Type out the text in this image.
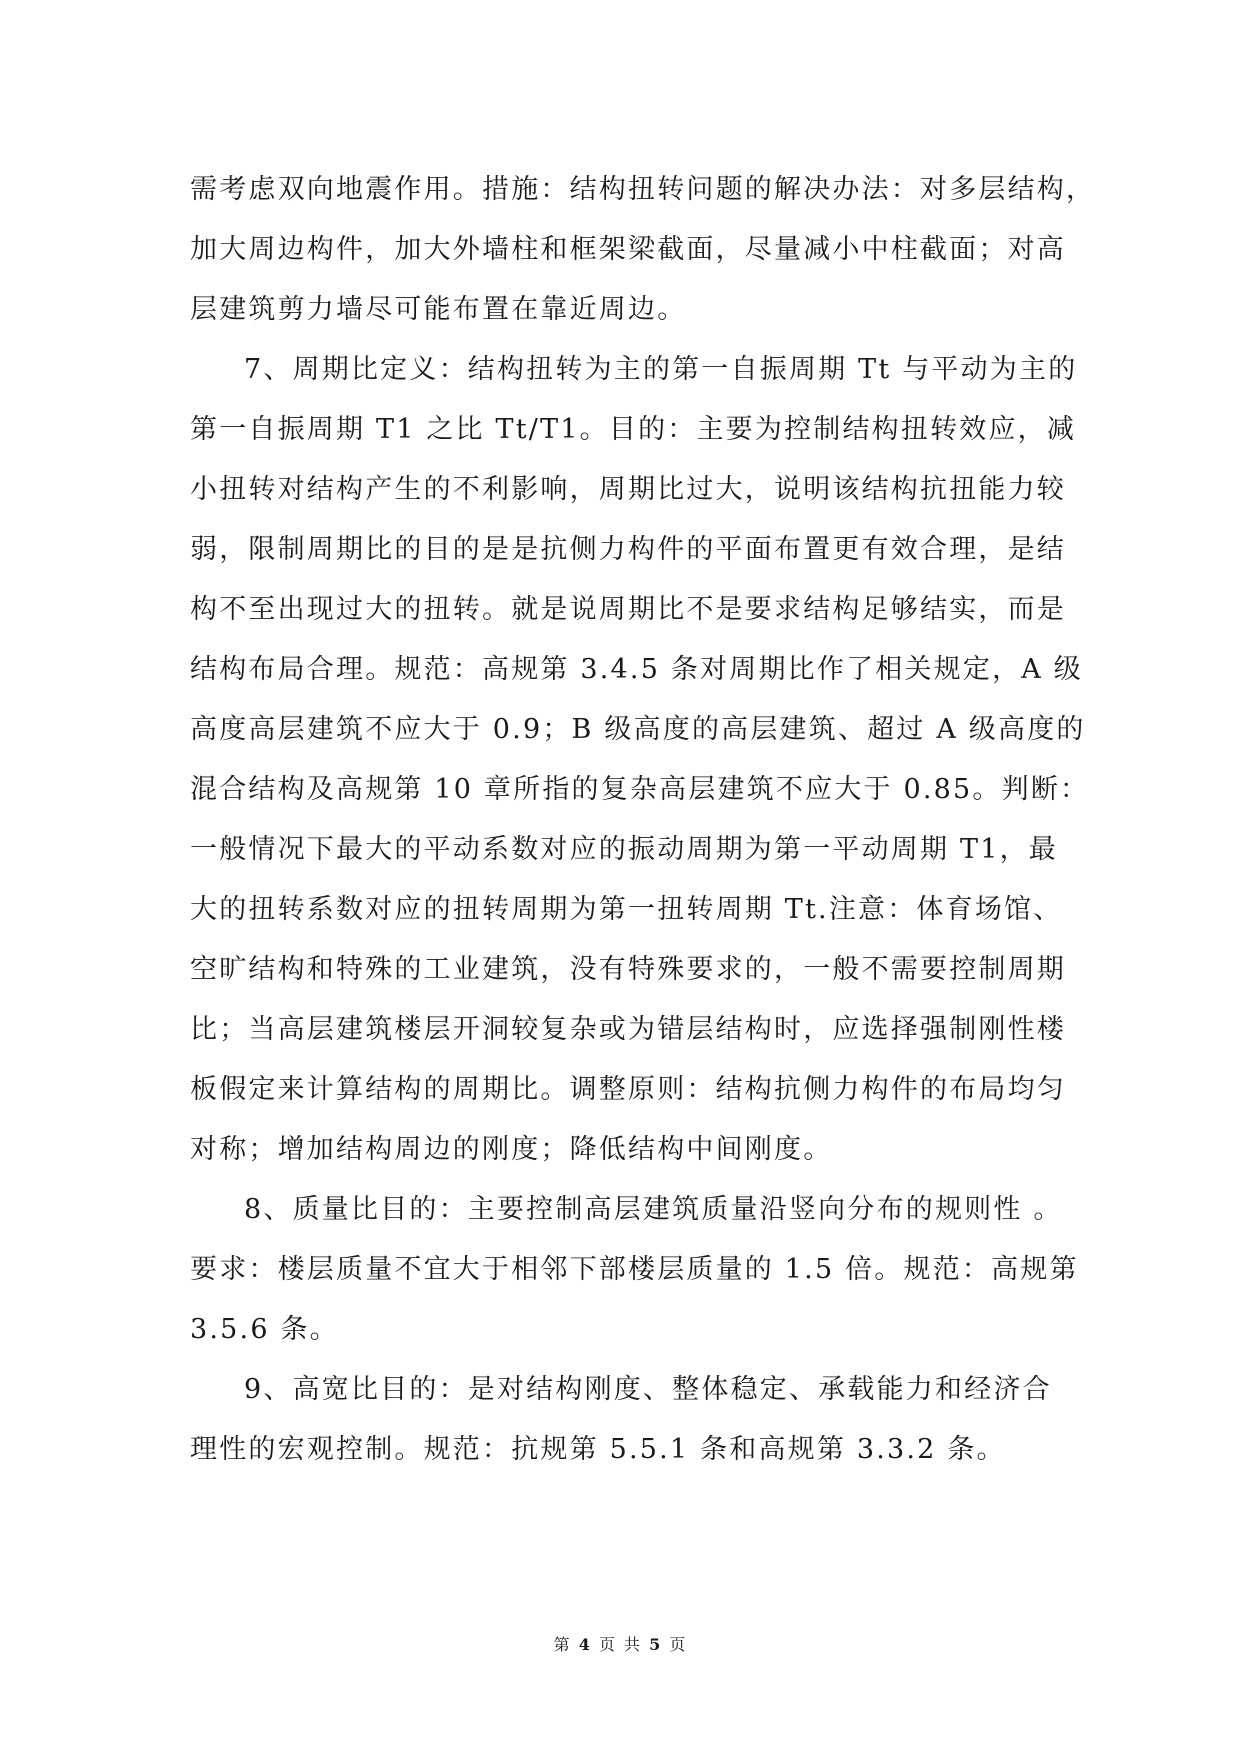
需考虑双向地震作用。措施：结构扭转问题的解决办法：对多层结构，
加大周边构件，加大外墙柱和框架梁截面，尽量减小中柱截面；对高
层建筑剪力墙尽可能布置在靠近周边。
7、周期比定义：结构扭转为主的第一自振周期 Tt 与平动为主的
第一自振周期 T1 之比 Tt/T1。目的：主要为控制结构扭转效应，减
小扭转对结构产生的不利影响，周期比过大，说明该结构抗扭能力较
弱，限制周期比的目的是是抗侧力构件的平面布置更有效合理，是结
构不至出现过大的扭转。就是说周期比不是要求结构足够结实，而是
结构布局合理。规范：高规第 3.4.5 条对周期比作了相关规定，A 级
高度高层建筑不应大于 0.9；B 级高度的高层建筑、超过 A 级高度的
混合结构及高规第 10 章所指的复杂高层建筑不应大于 0.85。判断：
一般情况下最大的平动系数对应的振动周期为第一平动周期 T1，最
大的扭转系数对应的扭转周期为第一扭转周期 Tt.注意：体育场馆、
空旷结构和特殊的工业建筑，没有特殊要求的，一般不需要控制周期
比；当高层建筑楼层开洞较复杂或为错层结构时，应选择强制刚性楼
板假定来计算结构的周期比。调整原则：结构抗侧力构件的布局均匀
对称；增加结构周边的刚度；降低结构中间刚度。
8、质量比目的：主要控制高层建筑质量沿竖向分布的规则性 。
要求：楼层质量不宜大于相邻下部楼层质量的 1.5 倍。规范：高规第
3.5.6 条。
9、高宽比目的：是对结构刚度、整体稳定、承载能力和经济合
理性的宏观控制。规范：抗规第 5.5.1 条和高规第 3.3.2 条。
第 4 页 共 5 页
